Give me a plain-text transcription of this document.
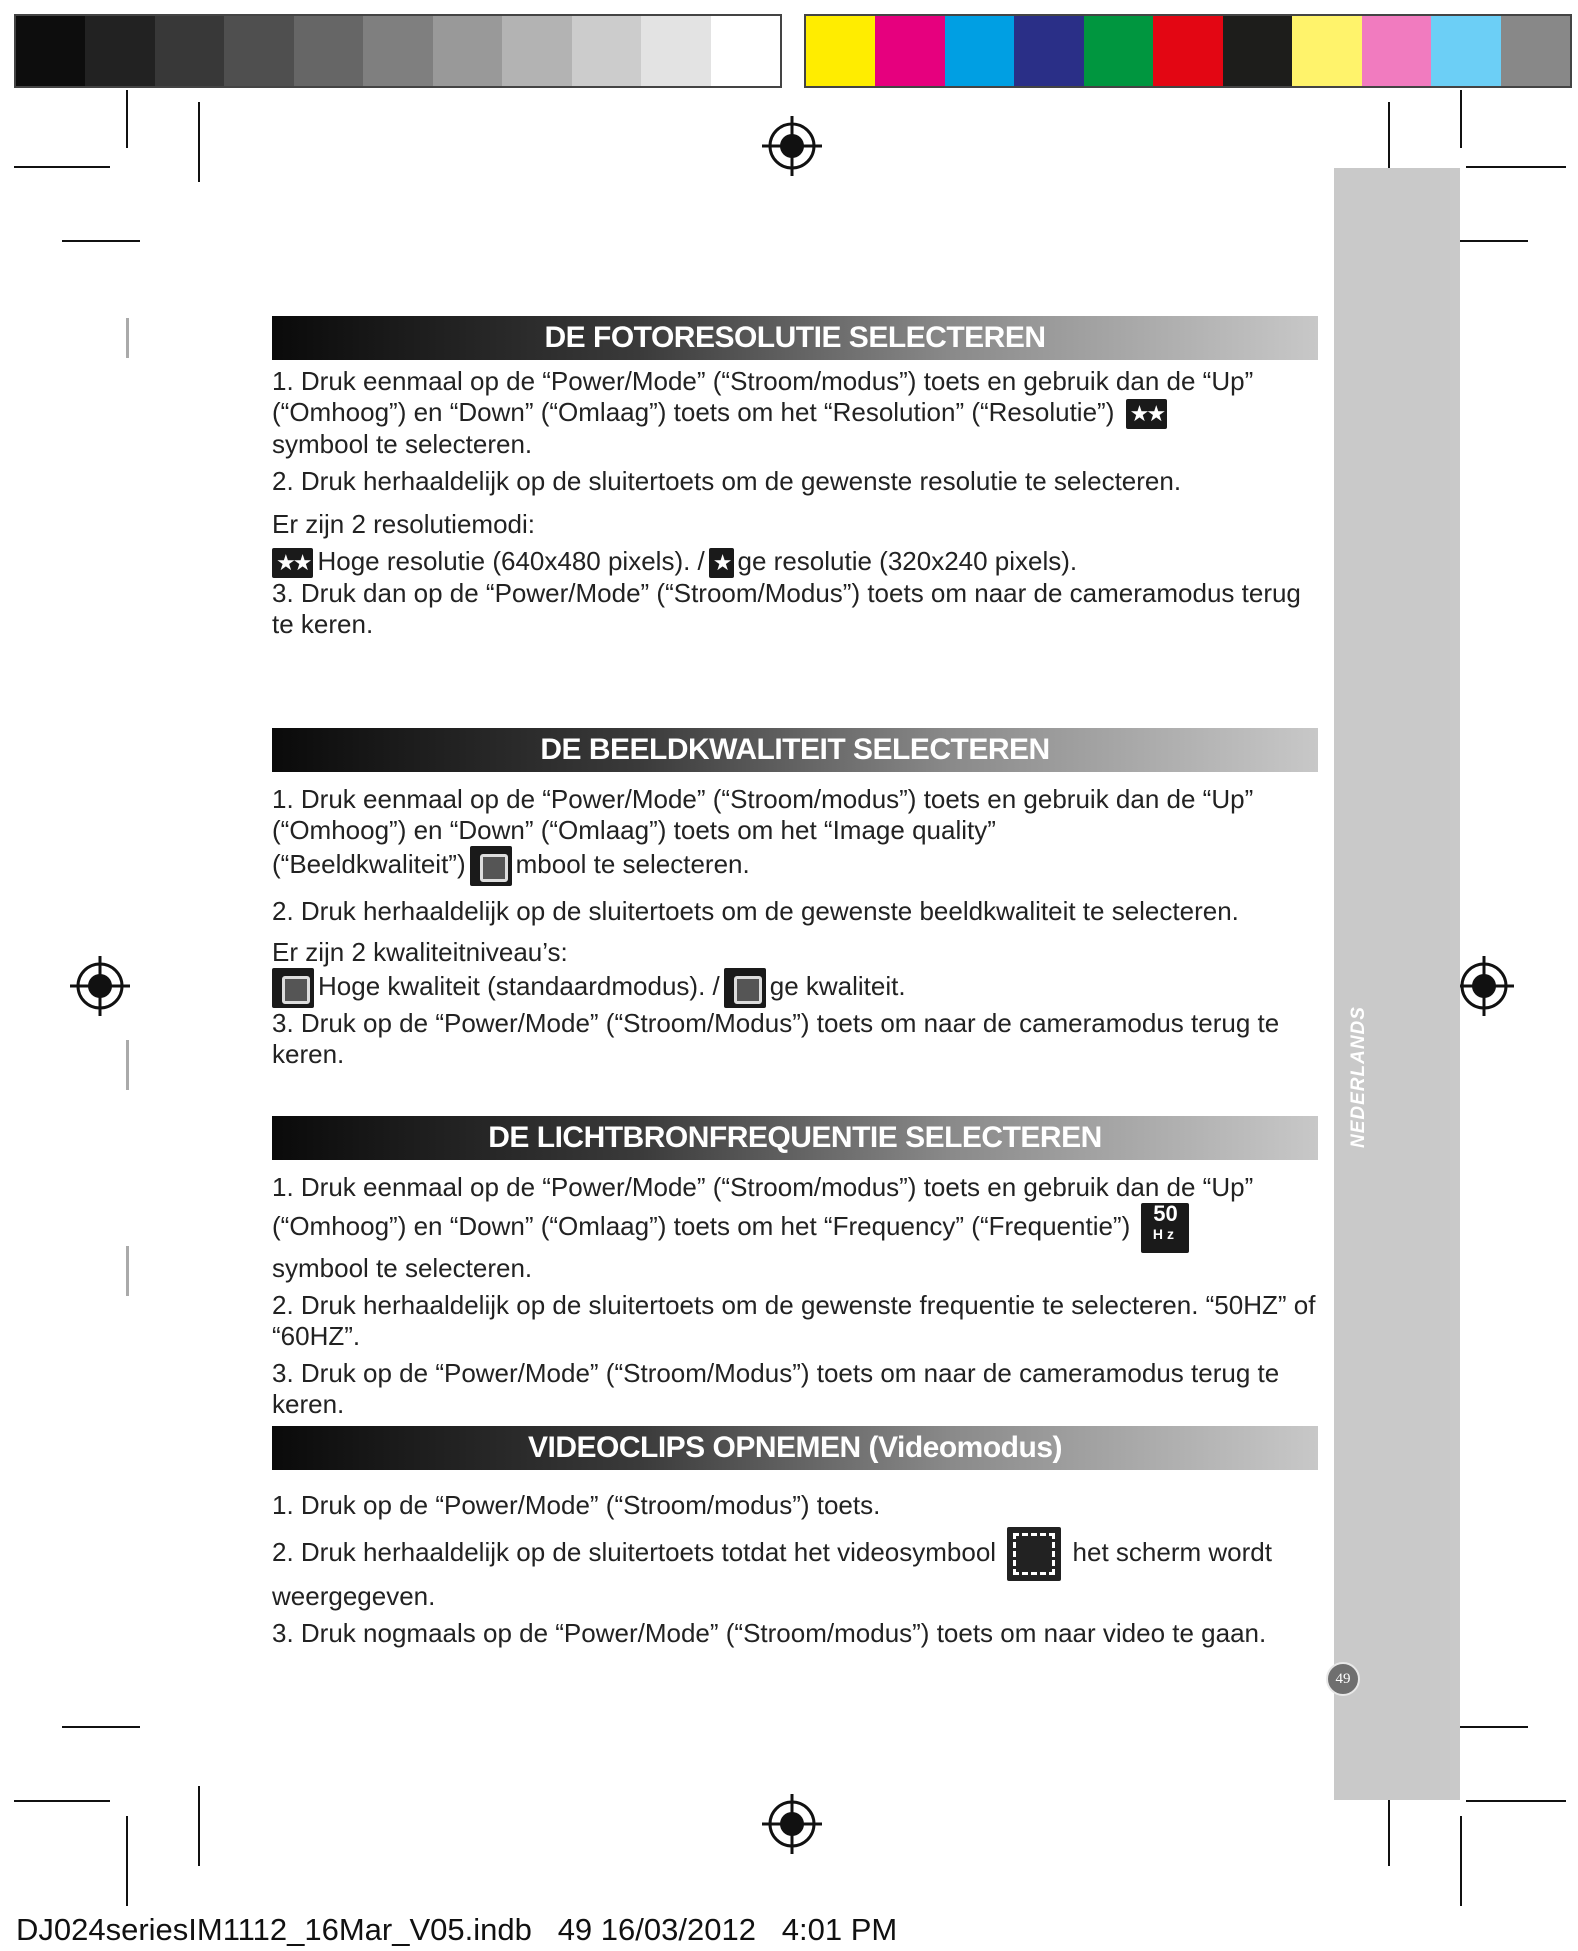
NEDERLANDS
49
DE FOTORESOLUTIE SELECTEREN

1. Druk eenmaal op de “Power/Mode” (“Stroom/modus”) toets en gebruik dan de “Up” (“Omhoog”) en “Down” (“Omlaag”) toets om het “Resolution” (“Resolutie”) ★★
symbool te selecteren.

2. Druk herhaaldelijk op de sluitertoets om de gewenste resolutie te selecteren.

Er zijn 2 resolutiemodi:

★★ Hoge resolutie (640x480 pixels). / ★ ge resolutie (320x240 pixels).

3. Druk dan op de “Power/Mode” (“Stroom/Modus”) toets om naar de cameramodus terug te keren.

DE BEELDKWALITEIT SELECTEREN

1. Druk eenmaal op de “Power/Mode” (“Stroom/modus”) toets en gebruik dan de “Up” (“Omhoog”) en “Down” (“Omlaag”) toets om het “Image quality”
(“Beeldkwaliteit”) mbool te selecteren.

2. Druk herhaaldelijk op de sluitertoets om de gewenste beeldkwaliteit te selecteren.

Er zijn 2 kwaliteitniveau’s:

Hoge kwaliteit (standaardmodus). / ge kwaliteit.

3. Druk op de “Power/Mode” (“Stroom/Modus”) toets om naar de cameramodus terug te keren.

DE LICHTBRONFREQUENTIE SELECTEREN

1. Druk eenmaal op de “Power/Mode” (“Stroom/modus”) toets en gebruik dan de “Up” (“Omhoog”) en “Down” (“Omlaag”) toets om het “Frequency” (“Frequentie”) 50
Hz

symbool te selecteren.

2. Druk herhaaldelijk op de sluitertoets om de gewenste frequentie te selecteren. “50HZ” of “60HZ”.

3. Druk op de “Power/Mode” (“Stroom/Modus”) toets om naar de cameramodus terug te keren.

VIDEOCLIPS OPNEMEN (Videomodus)

1. Druk op de “Power/Mode” (“Stroom/modus”) toets.

2. Druk herhaaldelijk op de sluitertoets totdat het videosymbool	het scherm wordt weergegeven.

3. Druk nogmaals op de “Power/Mode” (“Stroom/modus”) toets om naar video te gaan.

DJ024seriesIM1112_16Mar_V05.indb 49 16/03/2012 4:01 PM
